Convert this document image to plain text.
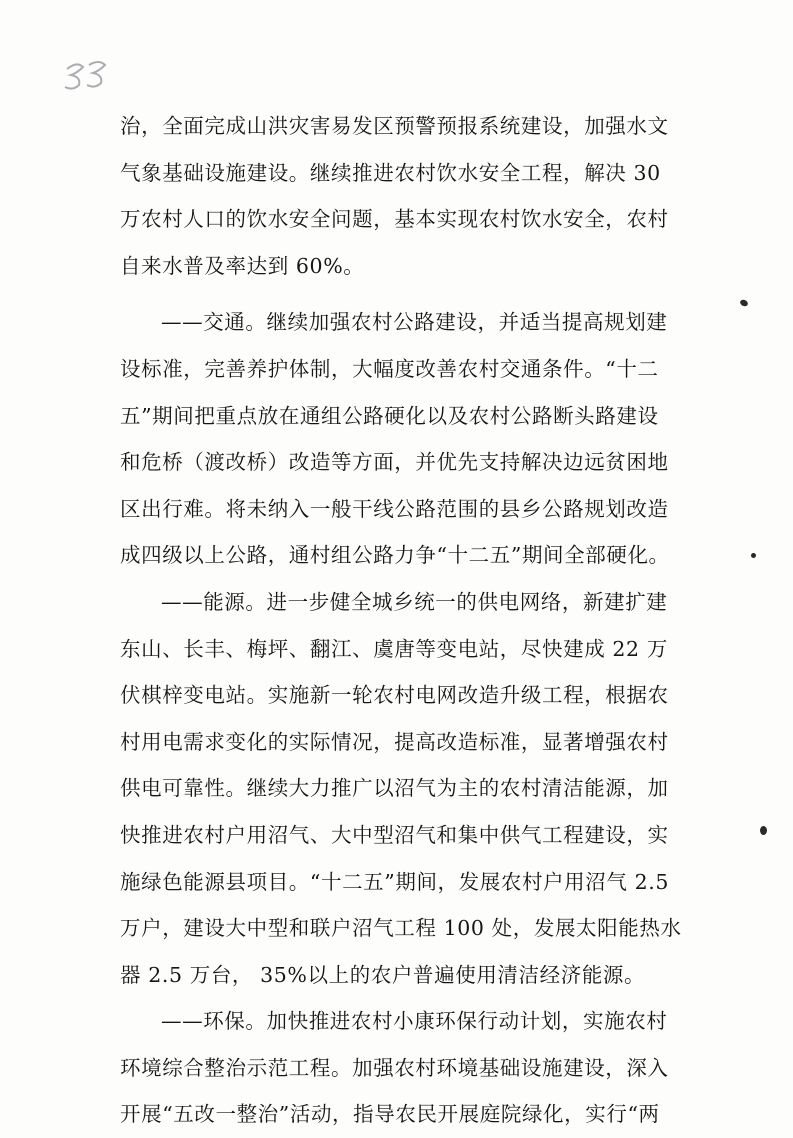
治，全面完成山洪灾害易发区预警预报系统建设，加强水文
气象基础设施建设。继续推进农村饮水安全工程，解决 30
万农村人口的饮水安全问题，基本实现农村饮水安全，农村
自来水普及率达到 60%。
——交通。继续加强农村公路建设，并适当提高规划建
设标准，完善养护体制，大幅度改善农村交通条件。“十二
五”期间把重点放在通组公路硬化以及农村公路断头路建设
和危桥（渡改桥）改造等方面，并优先支持解决边远贫困地
区出行难。将未纳入一般干线公路范围的县乡公路规划改造
成四级以上公路，通村组公路力争“十二五”期间全部硬化。
——能源。进一步健全城乡统一的供电网络，新建扩建
东山、长丰、梅坪、翻江、虞唐等变电站，尽快建成 22 万
伏棋梓变电站。实施新一轮农村电网改造升级工程，根据农
村用电需求变化的实际情况，提高改造标准，显著增强农村
供电可靠性。继续大力推广以沼气为主的农村清洁能源，加
快推进农村户用沼气、大中型沼气和集中供气工程建设，实
施绿色能源县项目。“十二五”期间，发展农村户用沼气 2.5
万户，建设大中型和联户沼气工程 100 处，发展太阳能热水
器 2.5 万台， 35%以上的农户普遍使用清洁经济能源。
——环保。加快推进农村小康环保行动计划，实施农村
环境综合整治示范工程。加强农村环境基础设施建设，深入
开展“五改一整治”活动，指导农民开展庭院绿化，实行“两
